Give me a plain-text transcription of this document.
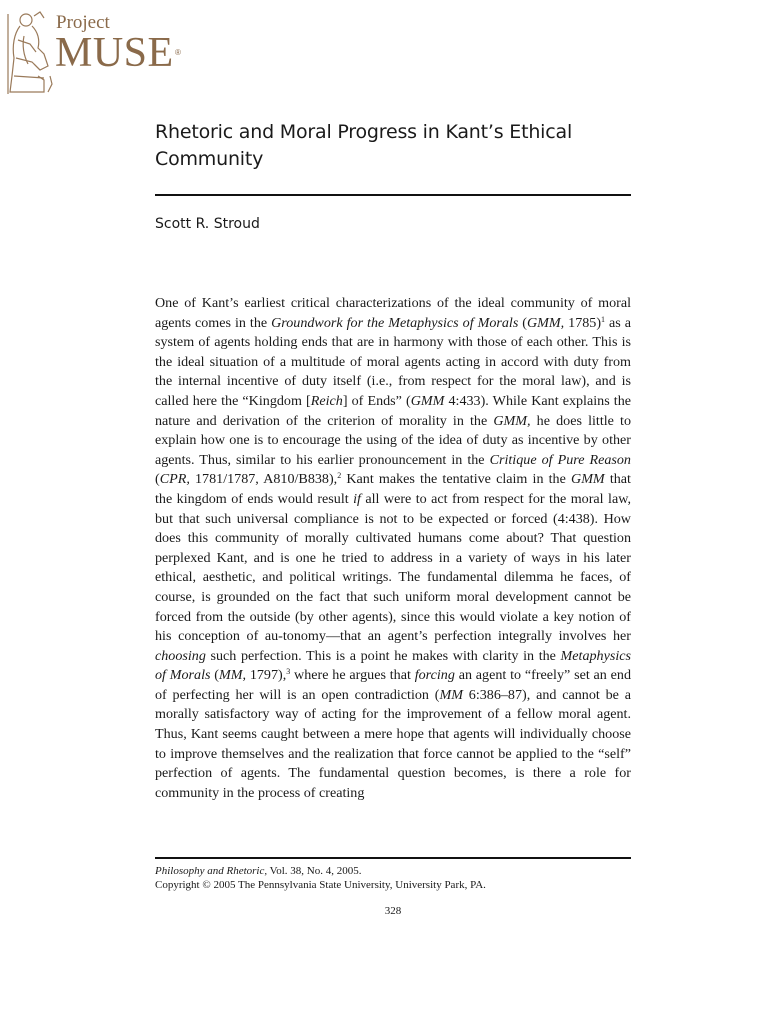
Project
MUSE ®
Rhetoric and Moral Progress in Kant’s Ethical Community
Scott R. Stroud

One of Kant’s earliest critical characterizations of the ideal community of moral agents comes in the Groundwork for the Metaphysics of Morals (GMM, 1785)$^1$ as a system of agents holding ends that are in harmony with those of each other. This is the ideal situation of a multitude of moral agents acting in accord with duty from the internal incentive of duty itself (i.e., from respect for the moral law), and is called here the “Kingdom [Reich] of Ends” (GMM 4:433). While Kant explains the nature and derivation of the criterion of morality in the GMM, he does little to explain how one is to encourage the using of the idea of duty as incentive by other agents. Thus, similar to his earlier pronouncement in the Critique of Pure Reason (CPR, 1781/1787, A810/B838),$^2$ Kant makes the tentative claim in the GMM that the kingdom of ends would result if all were to act from respect for the moral law, but that such universal compliance is not to be expected or forced (4:438). How does this community of morally cultivated humans come about? That question perplexed Kant, and is one he tried to address in a variety of ways in his later ethical, aesthetic, and political writings. The fundamental dilemma he faces, of course, is grounded on the fact that such uniform moral development cannot be forced from the outside (by other agents), since this would violate a key notion of his conception of au-tonomy—that an agent’s perfection integrally involves her choosing such perfection. This is a point he makes with clarity in the Metaphysics of Morals (MM, 1797),$^3$ where he argues that forcing an agent to “freely” set an end of perfecting her will is an open contradiction (MM 6:386–87), and cannot be a morally satisfactory way of acting for the improvement of a fellow moral agent. Thus, Kant seems caught between a mere hope that agents will individually choose to improve themselves and the realization that force cannot be applied to the “self” perfection of agents. The fundamental question becomes, is there a role for community in the process of creating

Philosophy and Rhetoric, Vol. 38, No. 4, 2005.
Copyright © 2005 The Pennsylvania State University, University Park, PA.
328
